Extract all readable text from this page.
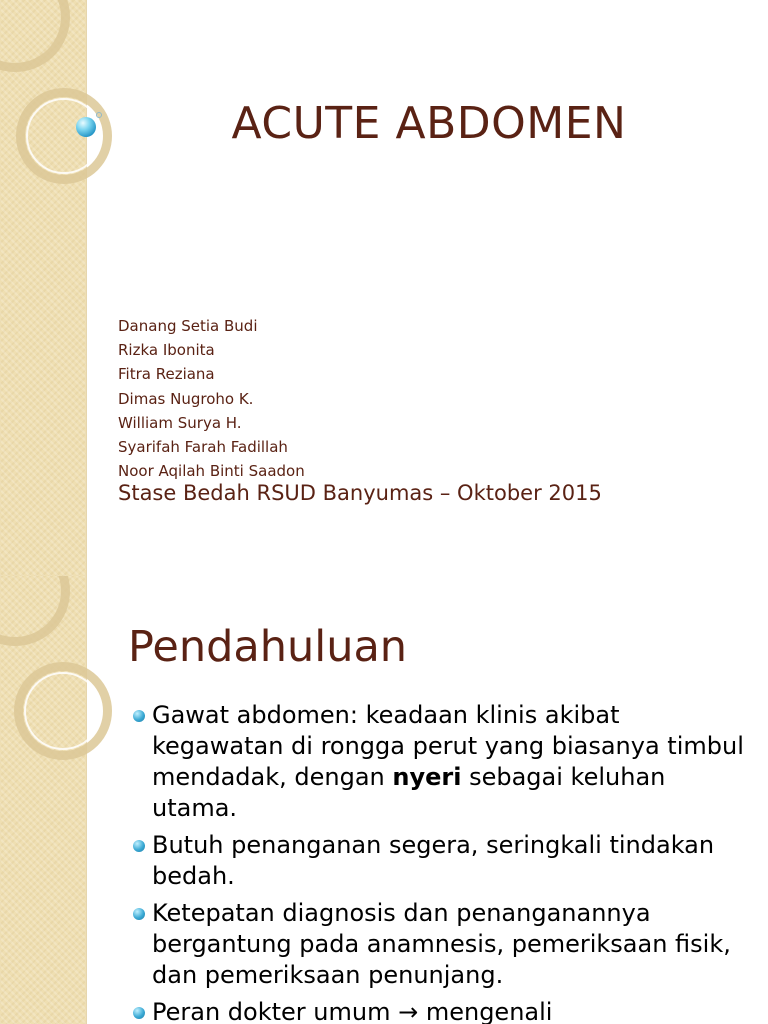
ACUTE ABDOMEN
Danang Setia Budi
Rizka Ibonita
Fitra Reziana
Dimas Nugroho K.
William Surya H.
Syarifah Farah Fadillah
Noor Aqilah Binti Saadon
Stase Bedah RSUD Banyumas – Oktober 2015
Pendahuluan
Gawat abdomen: keadaan klinis akibat kegawatan di rongga perut yang biasanya timbul mendadak, dengan nyeri sebagai keluhan utama.
Butuh penanganan segera, seringkali tindakan bedah.
Ketepatan diagnosis dan penanganannya bergantung pada anamnesis, pemeriksaan fisik, dan pemeriksaan penunjang.
Peran dokter umum → mengenali
